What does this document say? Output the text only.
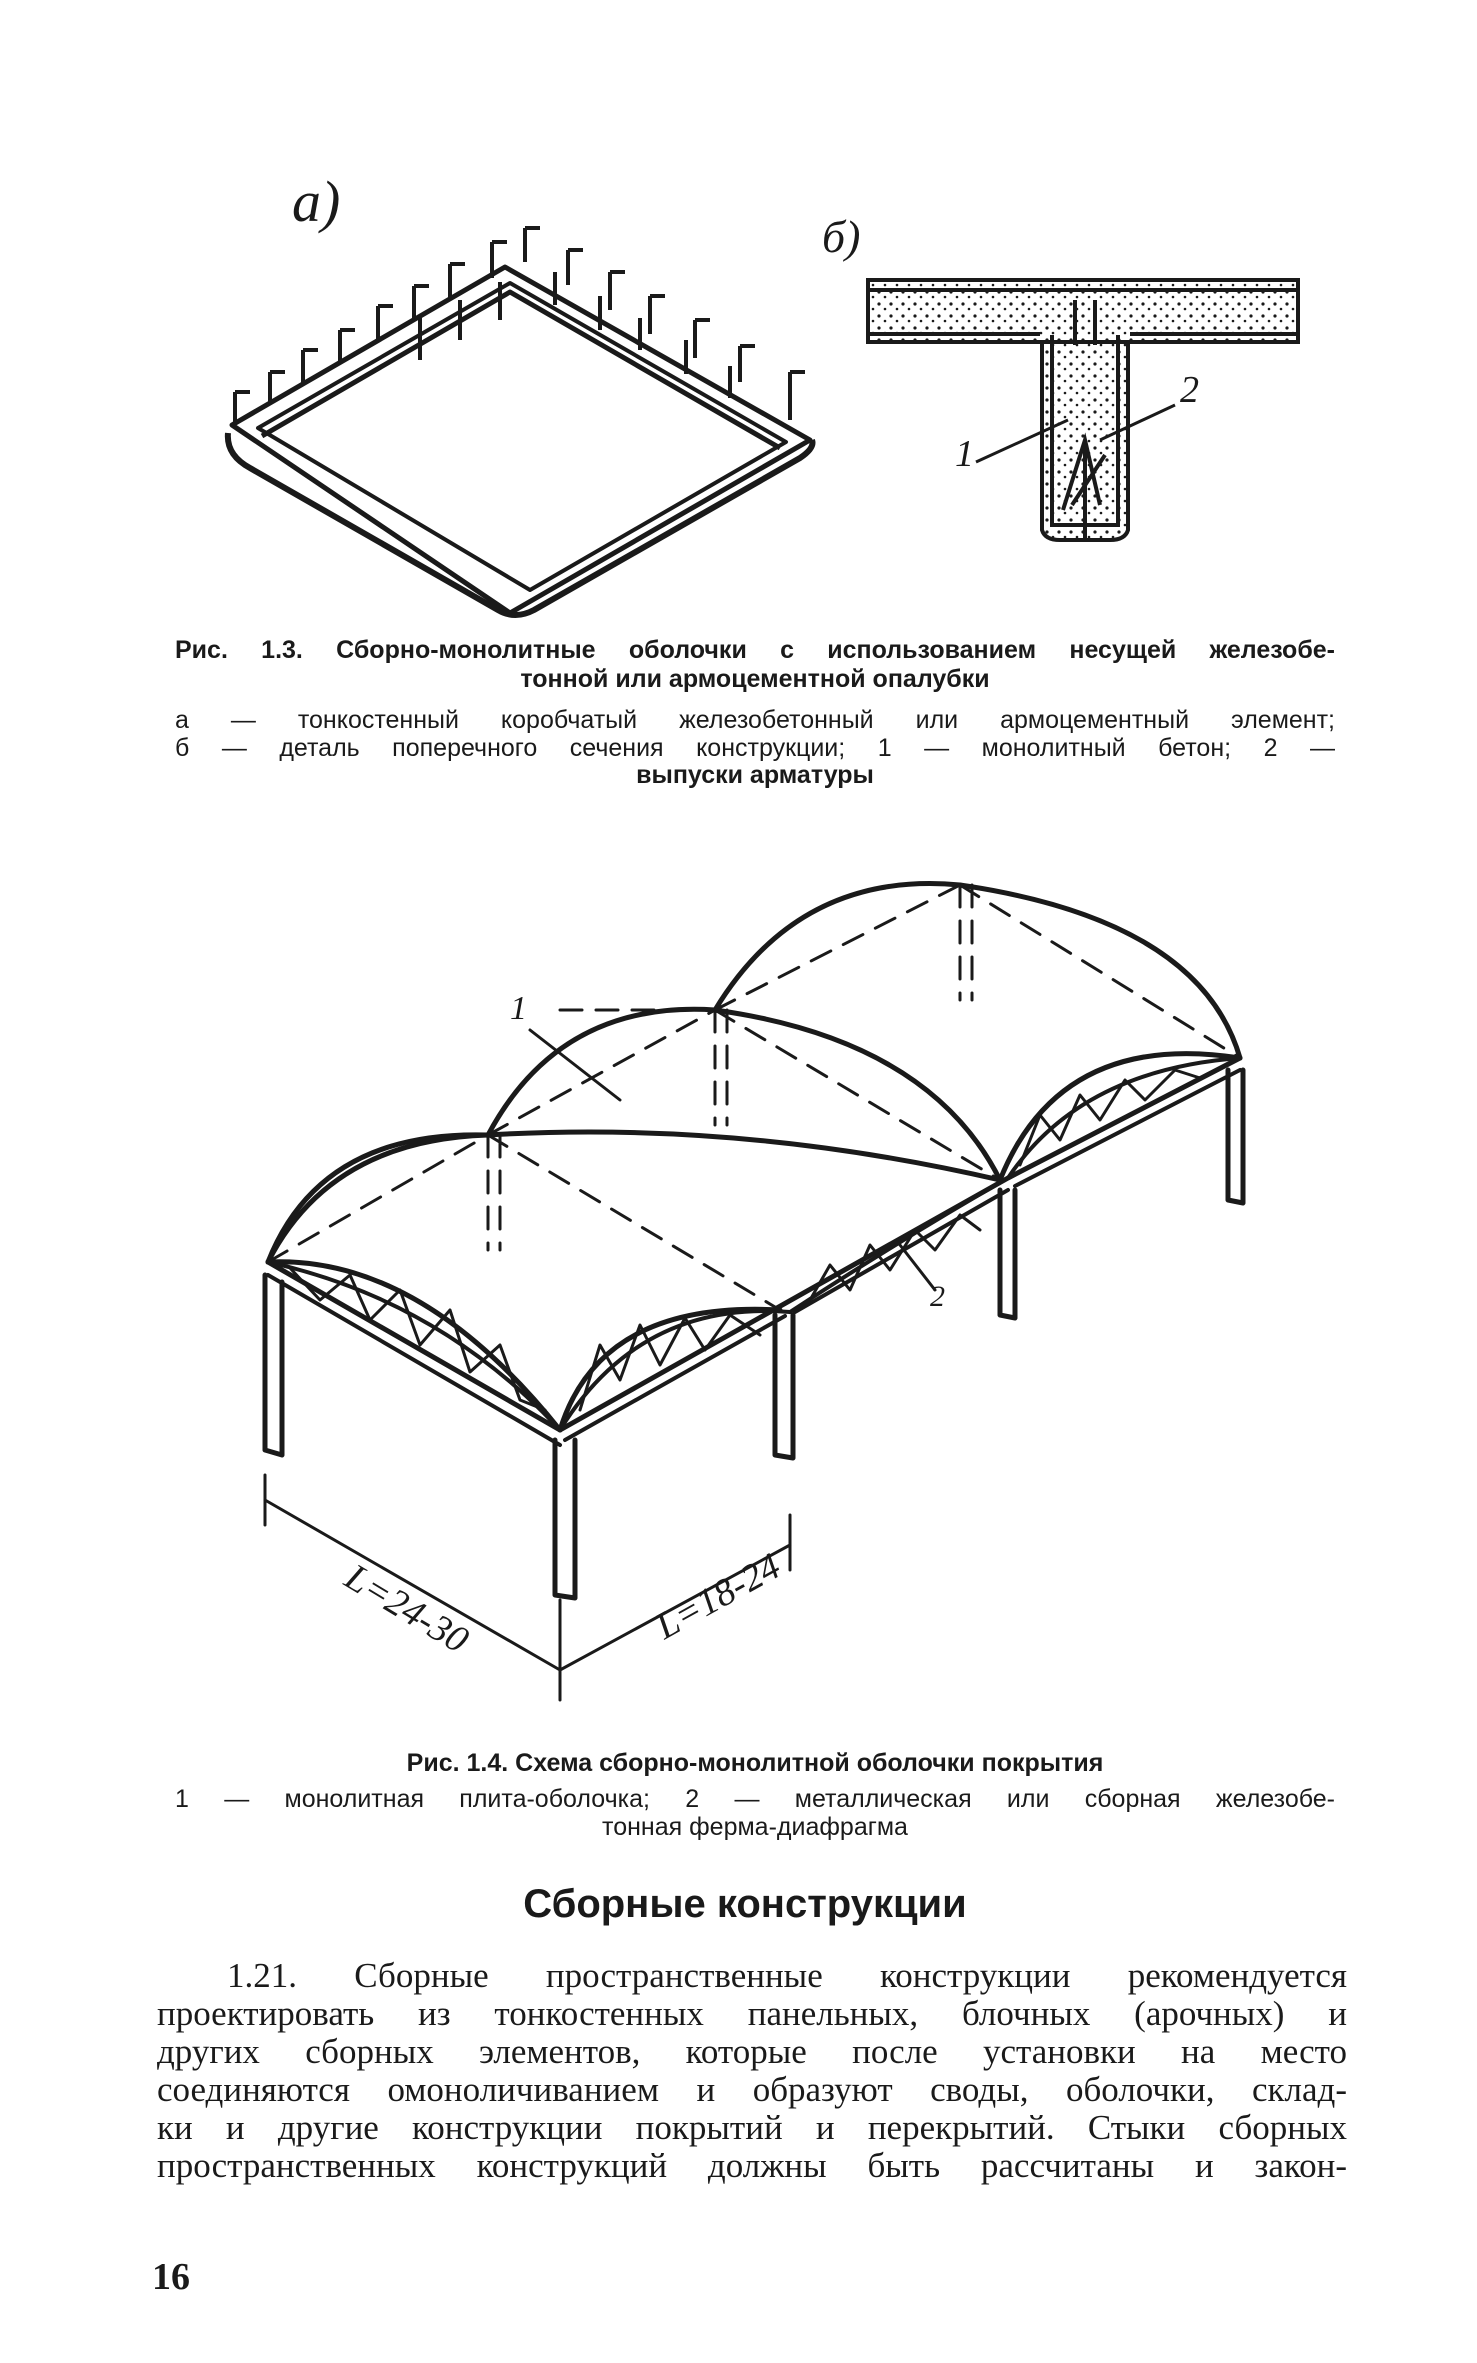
а)
б)
1
2
Рис. 1.3. Сборно-монолитные оболочки с использованием несущей железобе-
тонной или армоцементной опалубки
а — тонкостенный коробчатый железобетонный или армоцементный элемент;
б — деталь поперечного сечения конструкции; 1 — монолитный бетон; 2 —
выпуски арматуры
1
2
L=24-30	L=18-24
Рис. 1.4. Схема сборно-монолитной оболочки покрытия
1 — монолитная плита-оболочка; 2 — металлическая или сборная железобе-
тонная ферма-диафрагма
Сборные конструкции
1.21. Сборные пространственные конструкции рекомендуется
проектировать из тонкостенных панельных, блочных (арочных) и
других сборных элементов, которые после установки на место
соединяются омоноличиванием и образуют своды, оболочки, склад-
ки и другие конструкции покрытий и перекрытий. Стыки сборных
пространственных конструкций должны быть рассчитаны и закон-
16
